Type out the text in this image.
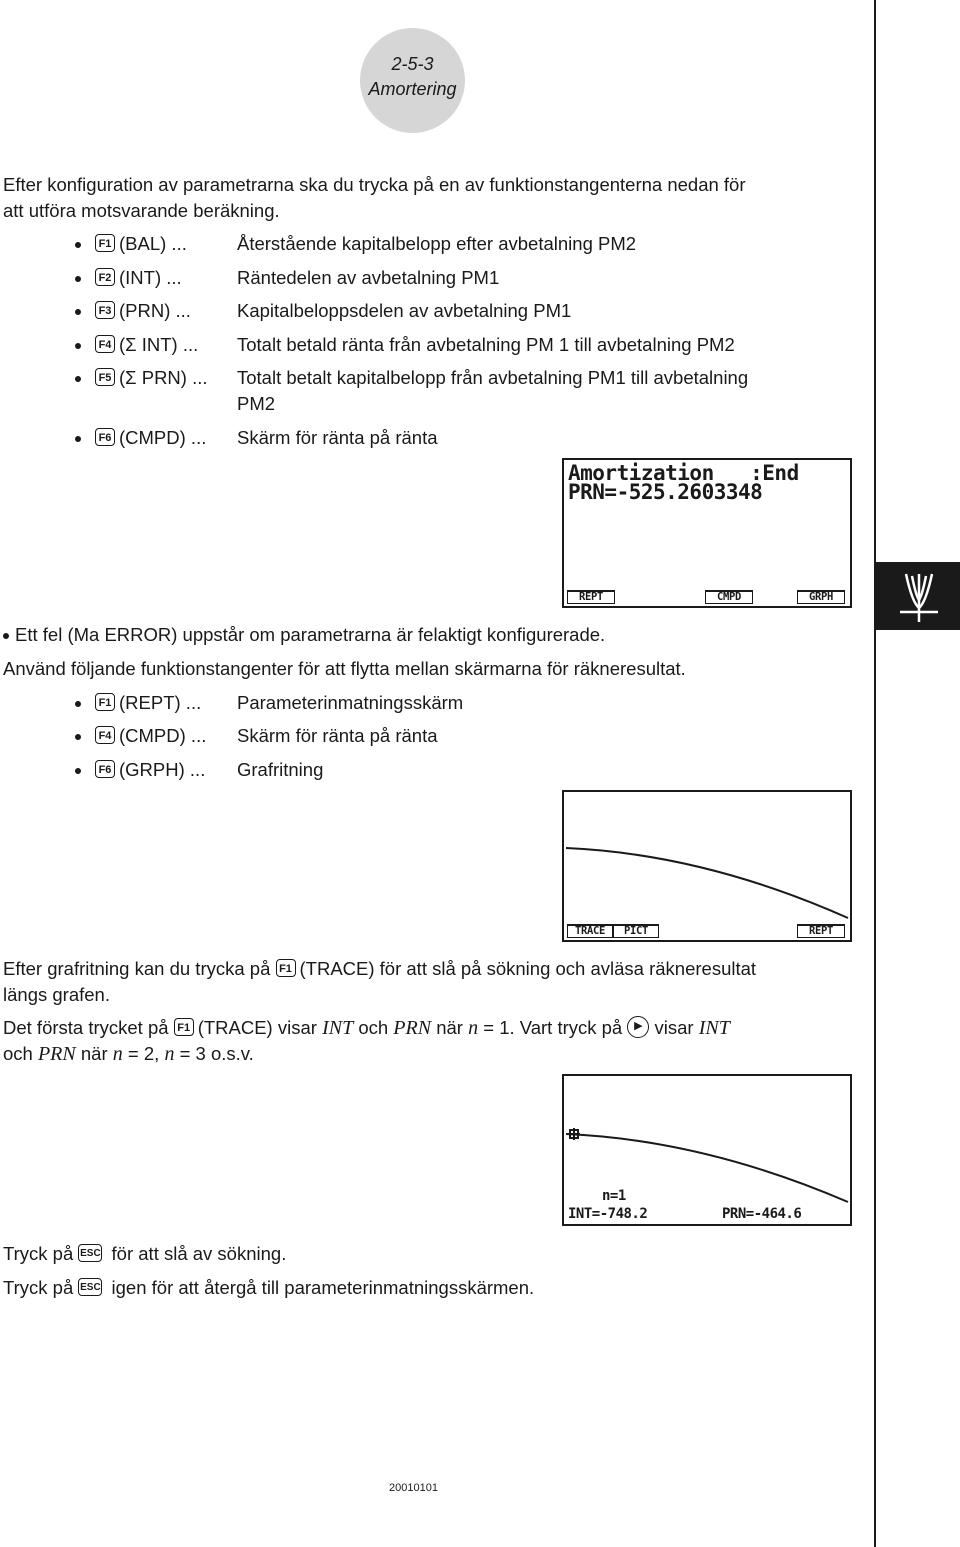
2-5-3
Amortering
Efter konfiguration av parametrarna ska du trycka på en av funktionstangenterna nedan för
att utföra motsvarande beräkning.
F1 (BAL) ...	Återstående kapitalbelopp efter avbetalning PM2
F2 (INT) ...	Räntedelen av avbetalning PM1
F3 (PRN) ... Kapitalbeloppsdelen av avbetalning PM1
F4 (Σ INT) ... Totalt betald ränta från avbetalning PM 1 till avbetalning PM2
F5 (Σ PRN) ... Totalt betalt kapitalbelopp från avbetalning PM1 till avbetalning
PM2
F6 (CMPD) ... Skärm för ränta på ränta
Amortization   :End
PRN=-525.2603348
REPT	CMPD	GRPH
Ett fel (Ma ERROR) uppstår om parametrarna är felaktigt konfigurerade.
Använd följande funktionstangenter för att flytta mellan skärmarna för räkneresultat.
F1 (REPT) ... Parameterinmatningsskärm
F4 (CMPD) ... Skärm för ränta på ränta
F6 (GRPH) ... Grafritning
TRACE	PICT	REPT
Efter grafritning kan du trycka på F1 (TRACE) för att slå på sökning och avläsa räkneresultat
längs grafen.
Det första trycket på F1 (TRACE) visar INT och PRN när n = 1. Vart tryck på ▶ visar INT
och PRN när n = 2, n = 3 o.s.v.
n=1
INT=-748.2	PRN=-464.6
Tryck på ESC för att slå av sökning.
Tryck på ESC igen för att återgå till parameterinmatningsskärmen.
20010101
